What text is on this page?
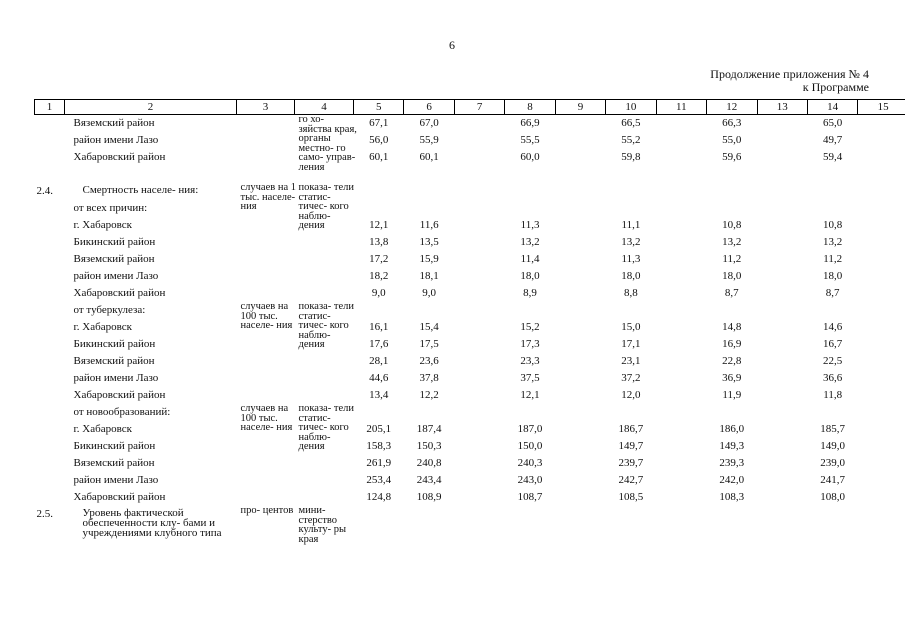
6
Продолжение приложения № 4
к Программе
1	2	3	4	5	6	7	8	9	10	11	12	13	14	15
	Вяземский район		го хо- зяйства края, органы местно- го само- управ- ления	67,1	67,0		66,9		66,5		66,3		65,0	
	район имени Лазо			56,0	55,9		55,5		55,2		55,0		49,7	
	Хабаровский район			60,1	60,1		60,0		59,8		59,6		59,4	

2.4.	Смертность населе- ния:	случаев на 1 тыс. населе- ния	показа- тели статис- тичес- кого наблю- дения											

	от всех причин:													
	г. Хабаровск			12,1	11,6		11,3		11,1		10,8		10,8	
	Бикинский район			13,8	13,5		13,2		13,2		13,2		13,2	
	Вяземский район			17,2	15,9		11,4		11,3		11,2		11,2	
	район имени Лазо			18,2	18,1		18,0		18,0		18,0		18,0	
	Хабаровский район			9,0	9,0		8,9		8,8		8,7		8,7	
	от туберкулеза:	случаев на 100 тыс. населе- ния	показа- тели статис- тичес- кого наблю- дения											

	г. Хабаровск			16,1	15,4		15,2		15,0		14,8		14,6	
	Бикинский район			17,6	17,5		17,3		17,1		16,9		16,7	
	Вяземский район			28,1	23,6		23,3		23,1		22,8		22,5	
	район имени Лазо			44,6	37,8		37,5		37,2		36,9		36,6	
	Хабаровский район			13,4	12,2		12,1		12,0		11,9		11,8	
	от новообразований:	случаев на 100 тыс. населе- ния	показа- тели статис- тичес- кого наблю- дения											

	г. Хабаровск			205,1	187,4		187,0		186,7		186,0		185,7	
	Бикинский район			158,3	150,3		150,0		149,7		149,3		149,0	
	Вяземский район			261,9	240,8		240,3		239,7		239,3		239,0	
	район имени Лазо			253,4	243,4		243,0		242,7		242,0		241,7	
	Хабаровский район			124,8	108,9		108,7		108,5		108,3		108,0	
2.5.	Уровень фактической обеспеченности клу- бами и учреждениями клубного типа	про- центов	мини- стерство культу- ры края											
